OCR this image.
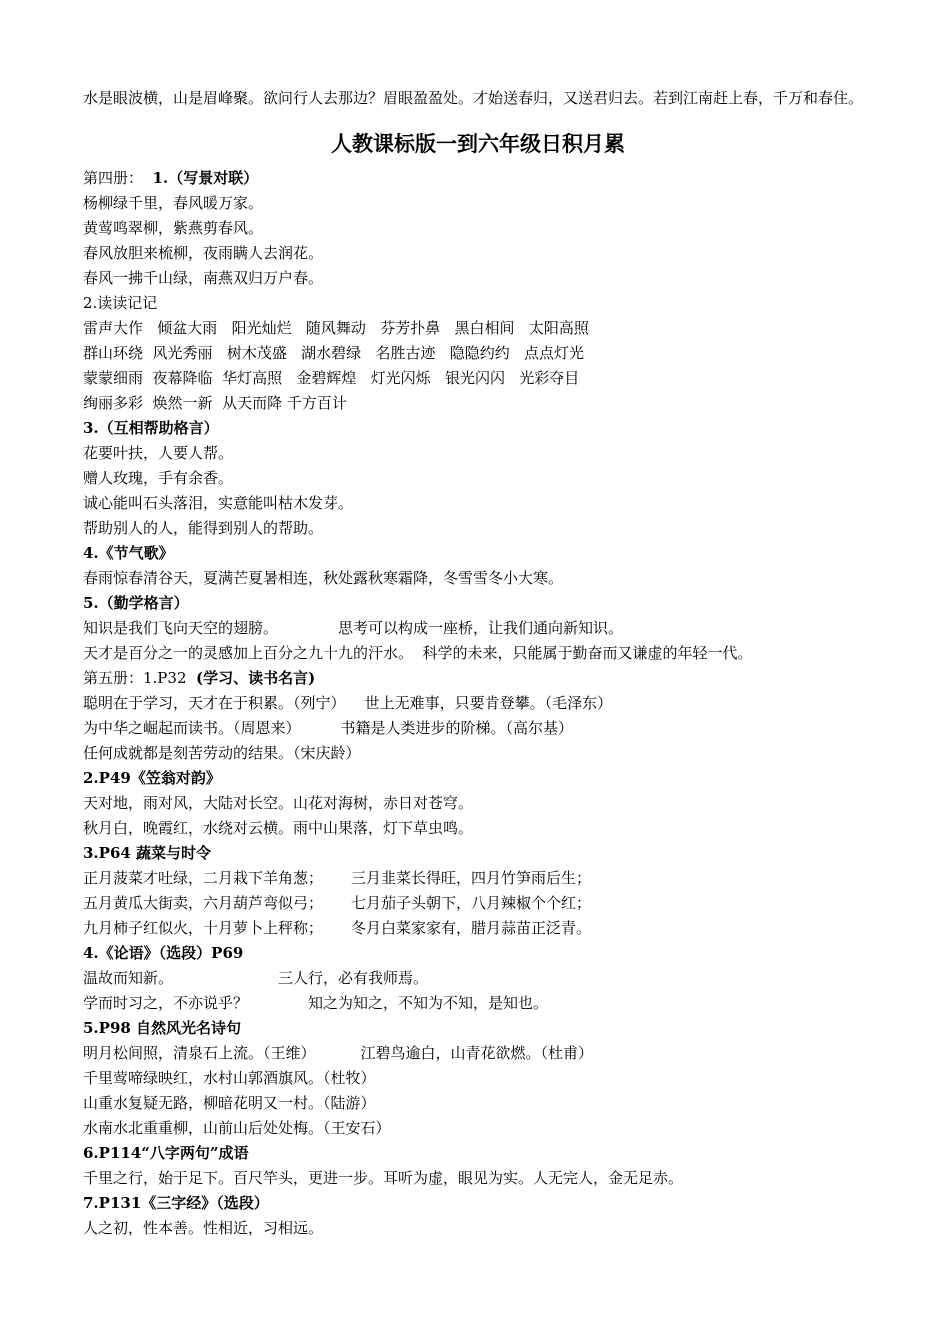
水是眼波横，山是眉峰聚。欲问行人去那边？眉眼盈盈处。才始送春归，又送君归去。若到江南赶上春，千万和春住。
人教课标版一到六年级日积月累
第四册：  1.（写景对联）
杨柳绿千里，春风暖万家。
黄莺鸣翠柳，紫燕剪春风。
春风放胆来梳柳，夜雨瞒人去润花。
春风一拂千山绿，南燕双归万户春。
2.读读记记
雷声大作   倾盆大雨   阳光灿烂   随风舞动   芬芳扑鼻   黑白相间   太阳高照
群山环绕  风光秀丽   树木茂盛   湖水碧绿   名胜古迹   隐隐约约   点点灯光
蒙蒙细雨  夜幕降临  华灯高照   金碧辉煌   灯光闪烁   银光闪闪   光彩夺目
绚丽多彩  焕然一新  从天而降 千方百计
3.（互相帮助格言）
花要叶扶，人要人帮。
赠人玫瑰，手有余香。
诚心能叫石头落泪，实意能叫枯木发芽。
帮助别人的人，能得到别人的帮助。
4.《节气歌》
春雨惊春清谷天，夏满芒夏暑相连，秋处露秋寒霜降，冬雪雪冬小大寒。
5.（勤学格言）
知识是我们飞向天空的翅膀。	思考可以构成一座桥，让我们通向新知识。
天才是百分之一的灵感加上百分之九十九的汗水。  科学的未来，只能属于勤奋而又谦虚的年轻一代。
第五册：1.P32  (学习、读书名言)
聪明在于学习，天才在于积累。（列宁）    世上无难事，只要肯登攀。（毛泽东）
为中华之崛起而读书。（周恩来）	书籍是人类进步的阶梯。（高尔基）
任何成就都是刻苦劳动的结果。（宋庆龄）
2.P49《笠翁对韵》
天对地，雨对风，大陆对长空。山花对海树，赤日对苍穹。
秋月白，晚霞红，水绕对云横。雨中山果落，灯下草虫鸣。
3.P64 蔬菜与时令
正月菠菜才吐绿，二月栽下羊角葱； 三月韭菜长得旺，四月竹笋雨后生；
五月黄瓜大街卖，六月葫芦弯似弓； 七月茄子头朝下，八月辣椒个个红；
九月柿子红似火，十月萝卜上秤称； 冬月白菜家家有，腊月蒜苗正泛青。
4.《论语》（选段）P69
温故而知新。	三人行，必有我师焉。
学而时习之，不亦说乎？	知之为知之，不知为不知，是知也。
5.P98 自然风光名诗句
明月松间照，清泉石上流。（王维）	江碧鸟逾白，山青花欲燃。（杜甫）
千里莺啼绿映红，水村山郭酒旗风。（杜牧）
山重水复疑无路，柳暗花明又一村。（陆游）
水南水北重重柳，山前山后处处梅。（王安石）
6.P114“八字两句”成语
千里之行，始于足下。百尺竿头，更进一步。耳听为虚，眼见为实。人无完人，金无足赤。
7.P131《三字经》（选段）
人之初，性本善。性相近，习相远。
